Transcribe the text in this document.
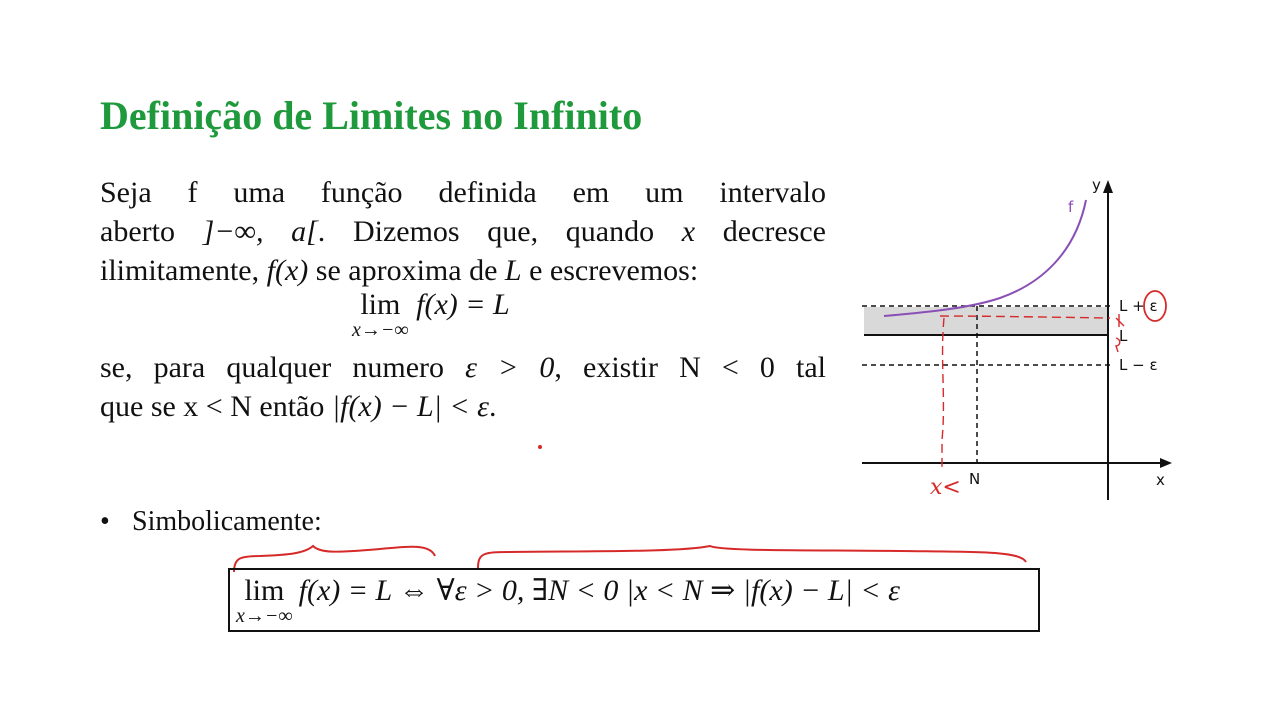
Definição de Limites no Infinito
Seja f uma função definida em um intervalo
aberto ]−∞, a[. Dizemos que, quando x decresce
ilimitamente, f(x) se aproxima de L e escrevemos:
lim
x→−∞
f(x) = L
se, para qualquer numero ε > 0, existir N < 0 tal
que se x < N então |f(x) − L| < ε.
• Simbolicamente:
lim
x→−∞
f(x) = L ⇔ ∀ε > 0, ∃N < 0 |x < N ⇒ |f(x) − L| < ε
f
y
x
L + ε
L
L − ε
N
x<
